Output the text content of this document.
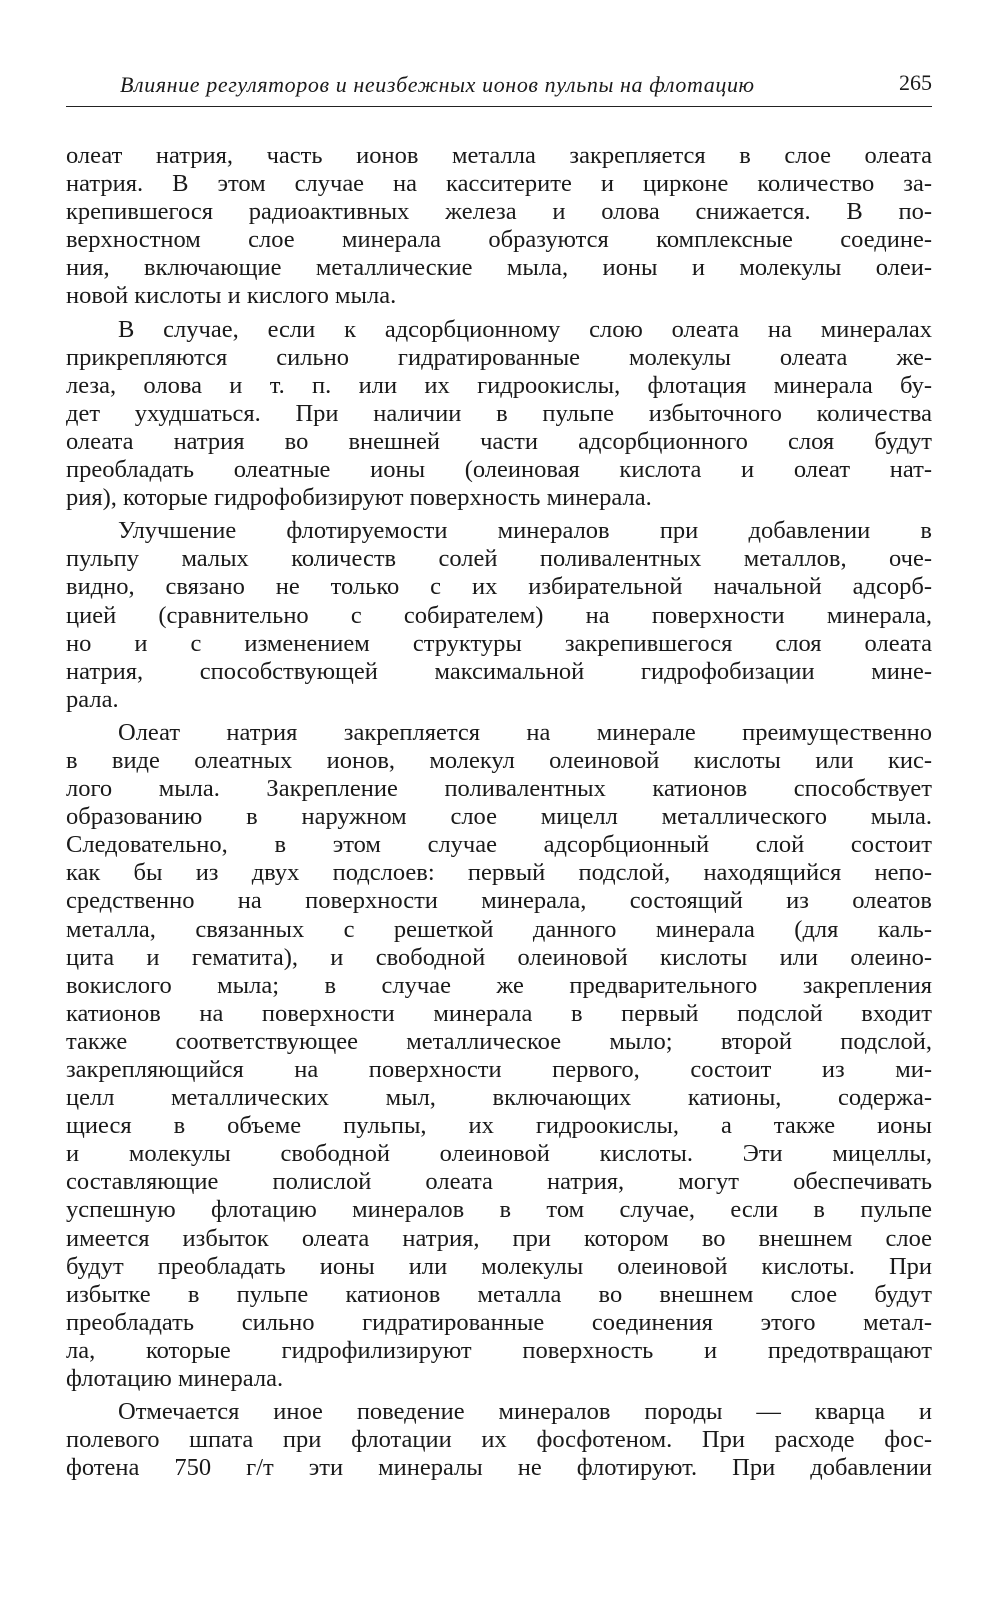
Влияние регуляторов и неизбежных ионов пульпы на флотацию	265
олеат натрия, часть ионов металла закрепляется в слое олеата
натрия. В этом случае на касситерите и цирконе количество за-
крепившегося радиоактивных железа и олова снижается. В по-
верхностном слое минерала образуются комплексные соедине-
ния, включающие металлические мыла, ионы и молекулы олеи-
новой кислоты и кислого мыла.
В случае, если к адсорбционному слою олеата на минералах
прикрепляются сильно гидратированные молекулы олеата же-
леза, олова и т. п. или их гидроокислы, флотация минерала бу-
дет ухудшаться. При наличии в пульпе избыточного количества
олеата натрия во внешней части адсорбционного слоя будут
преобладать олеатные ионы (олеиновая кислота и олеат нат-
рия), которые гидрофобизируют поверхность минерала.
Улучшение флотируемости минералов при добавлении в
пульпу малых количеств солей поливалентных металлов, оче-
видно, связано не только с их избирательной начальной адсорб-
цией (сравнительно с собирателем) на поверхности минерала,
но и с изменением структуры закрепившегося слоя олеата
натрия, способствующей максимальной гидрофобизации мине-
рала.
Олеат натрия закрепляется на минерале преимущественно
в виде олеатных ионов, молекул олеиновой кислоты или кис-
лого мыла. Закрепление поливалентных катионов способствует
образованию в наружном слое мицелл металлического мыла.
Следовательно, в этом случае адсорбционный слой состоит
как бы из двух подслоев: первый подслой, находящийся непо-
средственно на поверхности минерала, состоящий из олеатов
металла, связанных с решеткой данного минерала (для каль-
цита и гематита), и свободной олеиновой кислоты или олеино-
вокислого мыла; в случае же предварительного закрепления
катионов на поверхности минерала в первый подслой входит
также соответствующее металлическое мыло; второй подслой,
закрепляющийся на поверхности первого, состоит из ми-
целл металлических мыл, включающих катионы, содержа-
щиеся в объеме пульпы, их гидроокислы, а также ионы
и молекулы свободной олеиновой кислоты. Эти мицеллы,
составляющие полислой олеата натрия, могут обеспечивать
успешную флотацию минералов в том случае, если в пульпе
имеется избыток олеата натрия, при котором во внешнем слое
будут преобладать ионы или молекулы олеиновой кислоты. При
избытке в пульпе катионов металла во внешнем слое будут
преобладать сильно гидратированные соединения этого метал-
ла, которые гидрофилизируют поверхность и предотвращают
флотацию минерала.
Отмечается иное поведение минералов породы — кварца и
полевого шпата при флотации их фосфотеном. При расходе фос-
фотена 750 г/т эти минералы не флотируют. При добавлении
